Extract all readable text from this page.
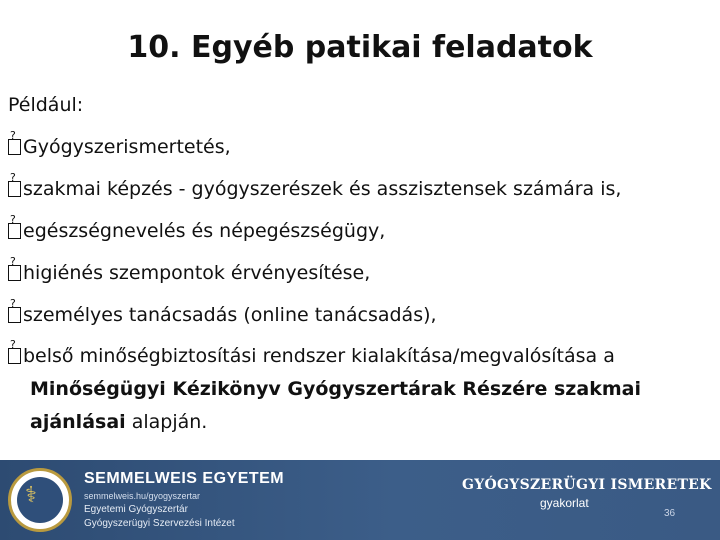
10. Egyéb patikai feladatok

Például:

?Gyógyszerismertetés,
?szakmai képzés - gyógyszerészek és asszisztensek számára is,
?egészségnevelés és népegészségügy,
?higiénés szempontok érvényesítése,
?személyes tanácsadás (online tanácsadás),
?belső minőségbiztosítási rendszer kialakítása/megvalósítása a
Minőségügyi Kézikönyv Gyógyszertárak Részére szakmai
ajánlásai alapján.
⚕
SEMMELWEIS EGYETEM
semmelweis.hu/gyogyszertar
Egyetemi Gyógyszertár
Gyógyszerügyi Szervezési Intézet
GYÓGYSZERÜGYI ISMERETEK
gyakorlat
36
